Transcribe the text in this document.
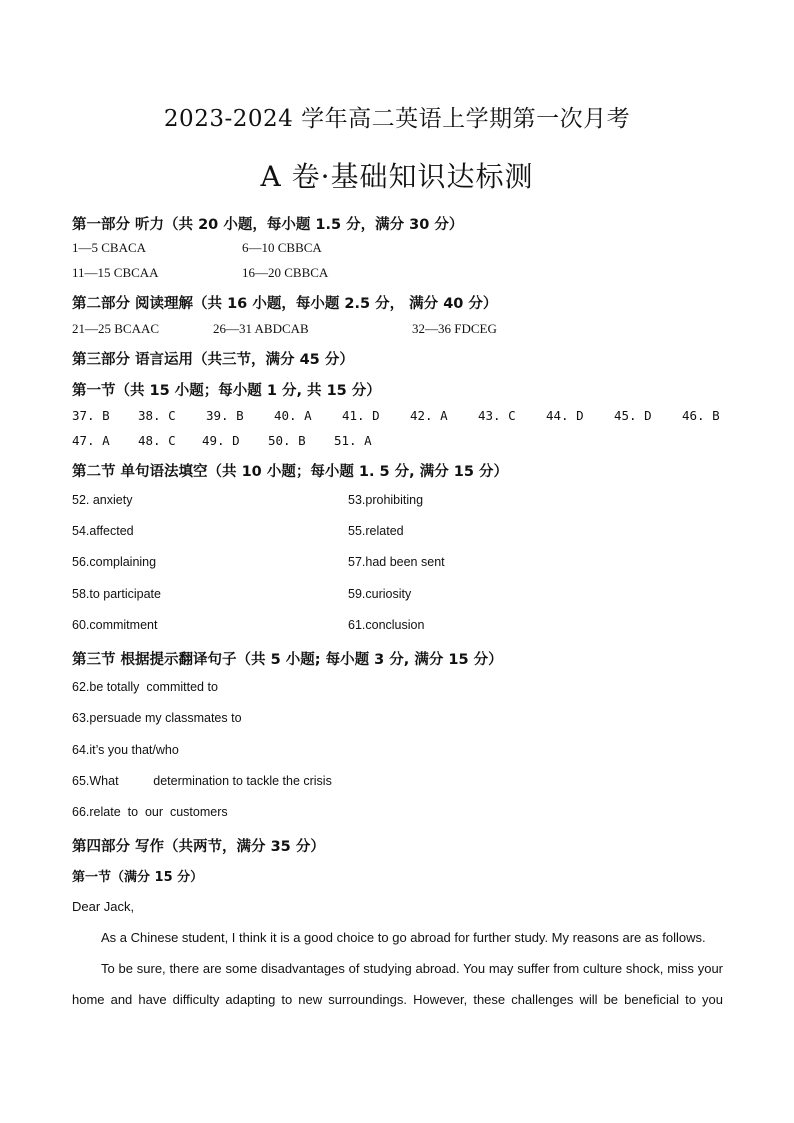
2023-2024 学年高二英语上学期第一次月考
A 卷·基础知识达标测
第一部分 听力（共 20 小题，每小题 1.5 分，满分 30 分）
1—5 CBACA	6—10 CBBCA
11—15 CBCAA	16—20 CBBCA
第二部分 阅读理解（共 16 小题，每小题 2.5 分， 满分 40 分）
21—25 BCAAC	26—31 ABDCAB	32—36 FDCEG
第三部分 语言运用（共三节，满分 45 分）
第一节（共 15 小题；每小题 1 分, 共 15 分）
37. B 38. C 39. B 40. A 41. D 42. A 43. C 44. D 45. D 46. B
47. A 48. C 49. D 50. B 51. A
第二节 单句语法填空（共 10 小题；每小题 1. 5 分, 满分 15 分）
52. anxiety	53.prohibiting
54.affected	55.related
56.complaining	57.had been sent
58.to participate	59.curiosity
60.commitment	61.conclusion
第三节 根据提示翻译句子（共 5 小题; 每小题 3 分, 满分 15 分）
62.be totally  committed to
63.persuade my classmates to
64.it’s you that/who
65.What          determination to tackle the crisis
66.relate  to  our  customers
第四部分 写作（共两节，满分 35 分）
第一节（满分 15 分）
Dear Jack,
As a Chinese student, I think it is a good choice to go abroad for further study. My reasons are as follows.
To be sure, there are some disadvantages of studying abroad. You may suffer from culture shock, miss your
home and have difficulty adapting to new surroundings. However, these challenges will be beneficial to you
